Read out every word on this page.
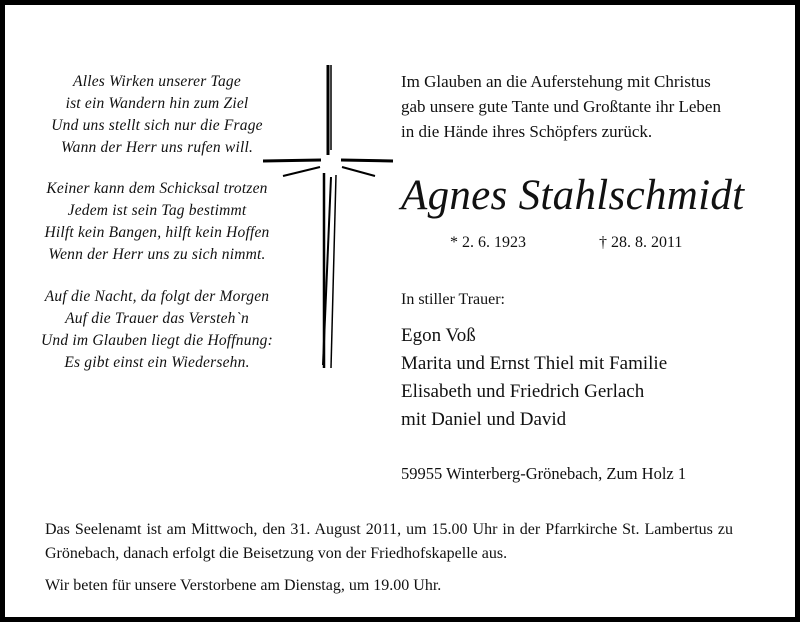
Alles Wirken unserer Tage
ist ein Wandern hin zum Ziel
Und uns stellt sich nur die Frage
Wann der Herr uns rufen will.
Keiner kann dem Schicksal trotzen
Jedem ist sein Tag bestimmt
Hilft kein Bangen, hilft kein Hoffen
Wenn der Herr uns zu sich nimmt.
Auf die Nacht, da folgt der Morgen
Auf die Trauer das Versteh`n
Und im Glauben liegt die Hoffnung:
Es gibt einst ein Wiedersehn.
Im Glauben an die Auferstehung mit Christus
gab unsere gute Tante und Großtante ihr Leben
in die Hände ihres Schöpfers zurück.
Agnes Stahlschmidt
* 2. 6. 1923	† 28. 8. 2011
In stiller Trauer:
Egon Voß
Marita und Ernst Thiel mit Familie
Elisabeth und Friedrich Gerlach
mit Daniel und David
59955 Winterberg-Grönebach, Zum Holz 1
Das Seelenamt ist am Mittwoch, den 31. August 2011, um 15.00 Uhr in der Pfarrkirche St. Lambertus zu Grönebach, danach erfolgt die Beisetzung von der Friedhofskapelle aus.
Wir beten für unsere Verstorbene am Dienstag, um 19.00 Uhr.
